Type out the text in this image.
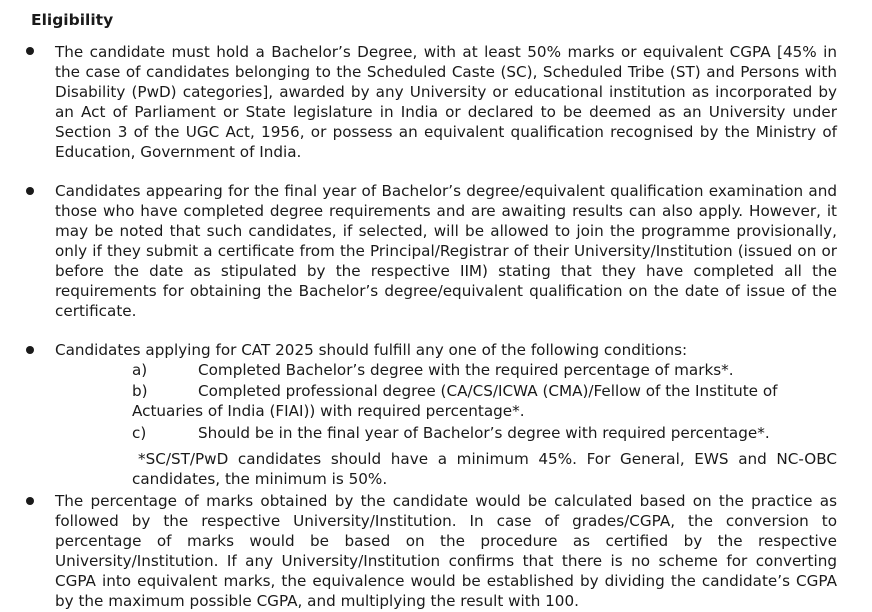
Eligibility
The candidate must hold a Bachelor’s Degree, with at least 50% marks or equivalent CGPA [45% in the case of candidates belonging to the Scheduled Caste (SC), Scheduled Tribe (ST) and Persons with Disability (PwD) categories], awarded by any University or educational institution as incorporated by an Act of Parliament or State legislature in India or declared to be deemed as an University under Section 3 of the UGC Act, 1956, or possess an equivalent qualification recognised by the Ministry of Education, Government of India.
Candidates appearing for the final year of Bachelor’s degree/equivalent qualification examination and those who have completed degree requirements and are awaiting results can also apply. However, it may be noted that such candidates, if selected, will be allowed to join the programme provisionally, only if they submit a certificate from the Principal/Registrar of their University/Institution (issued on or before the date as stipulated by the respective IIM) stating that they have completed all the requirements for obtaining the Bachelor’s degree/equivalent qualification on the date of issue of the certificate.
Candidates applying for CAT 2025 should fulfill any one of the following conditions:
a)	Completed Bachelor’s degree with the required percentage of marks*.
b)	Completed professional degree (CA/CS/ICWA (CMA)/Fellow of the Institute of
Actuaries of India (FIAI)) with required percentage*.
c)	Should be in the final year of Bachelor’s degree with required percentage*.
*SC/ST/PwD candidates should have a minimum 45%. For General, EWS and NC-OBC candidates, the minimum is 50%.
The percentage of marks obtained by the candidate would be calculated based on the practice as followed by the respective University/Institution. In case of grades/CGPA, the conversion to percentage of marks would be based on the procedure as certified by the respective University/Institution. If any University/Institution confirms that there is no scheme for converting CGPA into equivalent marks, the equivalence would be established by dividing the candidate’s CGPA by the maximum possible CGPA, and multiplying the result with 100.
